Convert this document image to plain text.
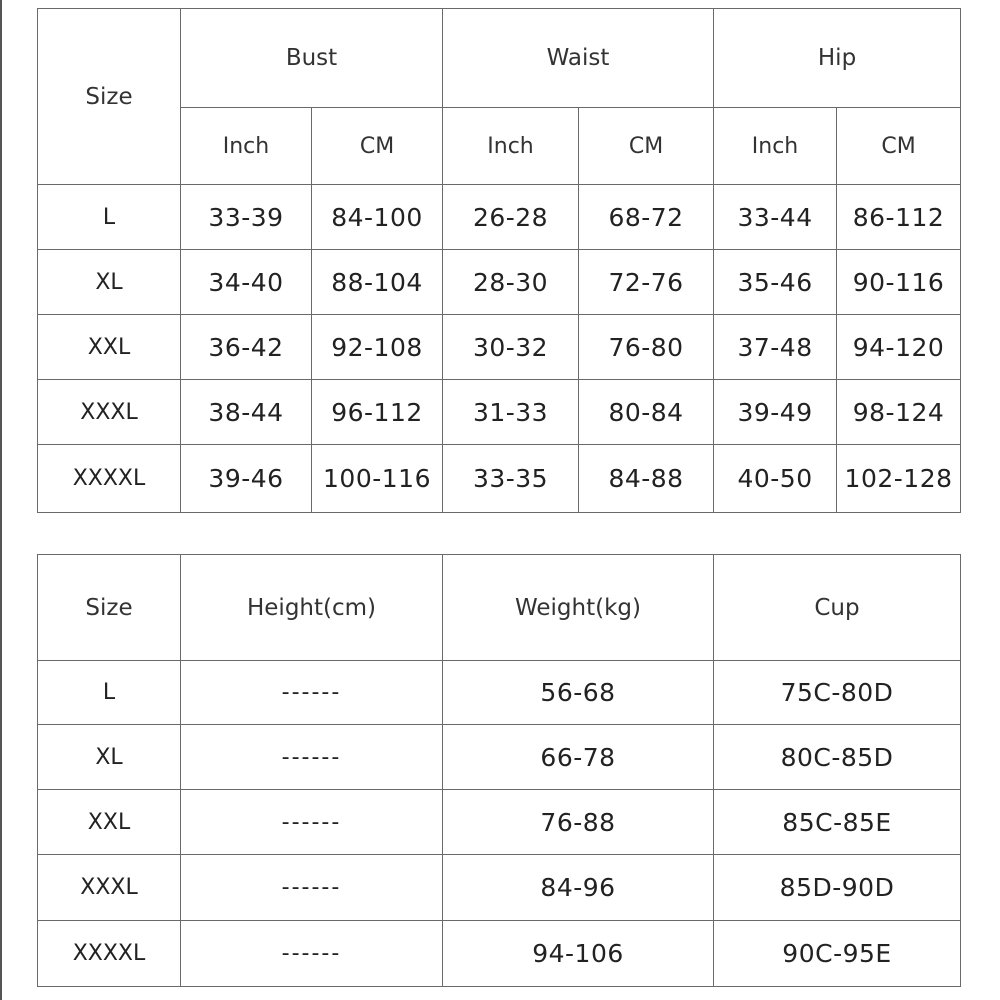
Size	Bust		Waist		Hip	
	Inch	CM	Inch	CM	Inch	CM
L	33-39	84-100	26-28	68-72	33-44	86-112
XL	34-40	88-104	28-30	72-76	35-46	90-116
XXL	36-42	92-108	30-32	76-80	37-48	94-120
XXXL	38-44	96-112	31-33	80-84	39-49	98-124
XXXXL	39-46	100-116	33-35	84-88	40-50	102-128
Size	Height(cm)	Weight(kg)	Cup
L	------	56-68	75C-80D
XL	------	66-78	80C-85D
XXL	------	76-88	85C-85E
XXXL	------	84-96	85D-90D
XXXXL	------	94-106	90C-95E
